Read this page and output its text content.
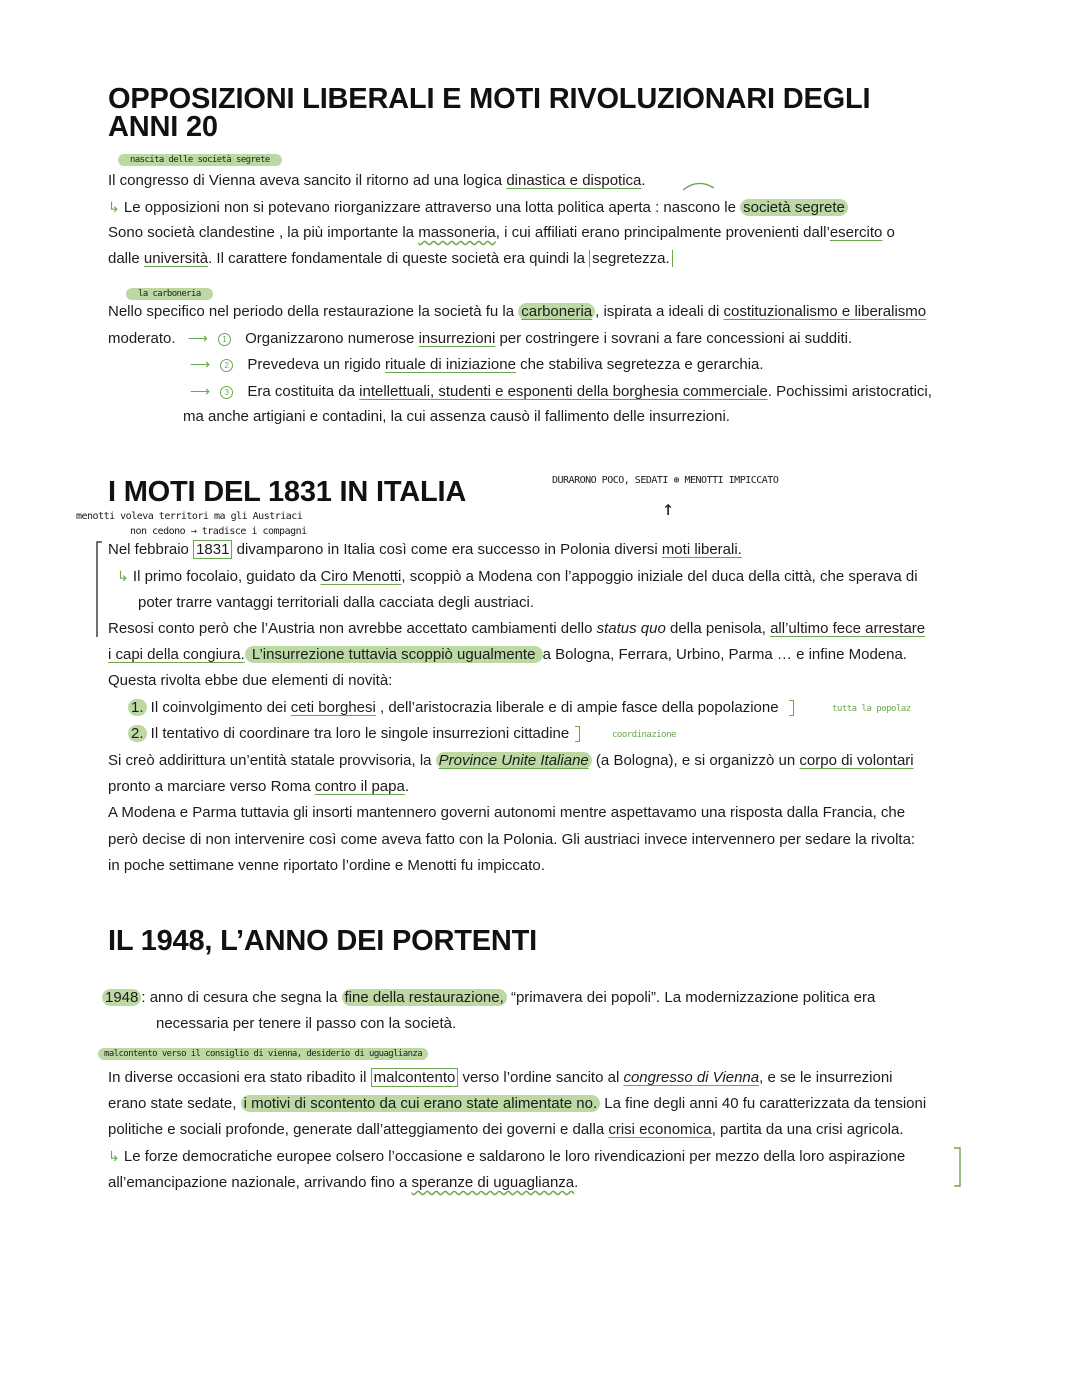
OPPOSIZIONI LIBERALI E MOTI RIVOLUZIONARI DEGLI
ANNI 20
nascita delle società segrete
Il congresso di Vienna aveva sancito il ritorno ad una logica dinastica e dispotica.
↳ Le opposizioni non si potevano riorganizzare attraverso una lotta politica aperta : nascono le società segrete
Sono società clandestine , la più importante la massoneria, i cui affiliati erano principalmente provenienti dall’esercito o
dalle università. Il carattere fondamentale di queste società era quindi la segretezza.
la carboneria
Nello specifico nel periodo della restaurazione la società fu la carboneria , ispirata a ideali di costituzionalismo e liberalismo
moderato. ⟶ 1 Organizzarono numerose insurrezioni per costringere i sovrani a fare concessioni ai sudditi.
⟶ 2 Prevedeva un rigido rituale di iniziazione che stabiliva segretezza e gerarchia.
⟶ 3 Era costituita da intellettuali, studenti e esponenti della borghesia commerciale. Pochissimi aristocratici,
ma anche artigiani e contadini, la cui assenza causò il fallimento delle insurrezioni.
I MOTI DEL 1831 IN ITALIA	DURARONO POCO, SEDATI ⊕ MENOTTI IMPICCATO
↑
menotti voleva territori ma gli Austriaci
non cedono → tradisce i compagni
Nel febbraio 1831 divamparono in Italia così come era successo in Polonia diversi moti liberali.
↳ Il primo focolaio, guidato da Ciro Menotti, scoppiò a Modena con l’appoggio iniziale del duca della città, che sperava di
poter trarre vantaggi territoriali dalla cacciata degli austriaci.
Resosi conto però che l’Austria non avrebbe accettato cambiamenti dello status quo della penisola, all’ultimo fece arrestare
i capi della congiura. L’insurrezione tuttavia scoppiò ugualmente a Bologna, Ferrara, Urbino, Parma … e infine Modena.
Questa rivolta ebbe due elementi di novità:
1. Il coinvolgimento dei ceti borghesi , dell’aristocrazia liberale e di ampie fasce della popolazione	tutta la popolaz
2. Il tentativo di coordinare tra loro le singole insurrezioni cittadine	coordinazione
Si creò addirittura un’entità statale provvisoria, la Province Unite Italiane (a Bologna), e si organizzò un corpo di volontari
pronto a marciare verso Roma contro il papa.
A Modena e Parma tuttavia gli insorti mantennero governi autonomi mentre aspettavamo una risposta dalla Francia, che
però decise di non intervenire così come aveva fatto con la Polonia. Gli austriaci invece intervennero per sedare la rivolta:
in poche settimane venne riportato l’ordine e Menotti fu impiccato.
IL 1948, L’ANNO DEI PORTENTI
1948 : anno di cesura che segna la fine della restaurazione, “primavera dei popoli”. La modernizzazione politica era
necessaria per tenere il passo con la società.
malcontento verso il consiglio di vienna, desiderio di uguaglianza
In diverse occasioni era stato ribadito il malcontento verso l’ordine sancito al congresso di Vienna, e se le insurrezioni
erano state sedate, i motivi di scontento da cui erano state alimentate no. La fine degli anni 40 fu caratterizzata da tensioni
politiche e sociali profonde, generate dall’atteggiamento dei governi e dalla crisi economica, partita da una crisi agricola.
↳ Le forze democratiche europee colsero l’occasione e saldarono le loro rivendicazioni per mezzo della loro aspirazione
all’emancipazione nazionale, arrivando fino a speranze di uguaglianza.
